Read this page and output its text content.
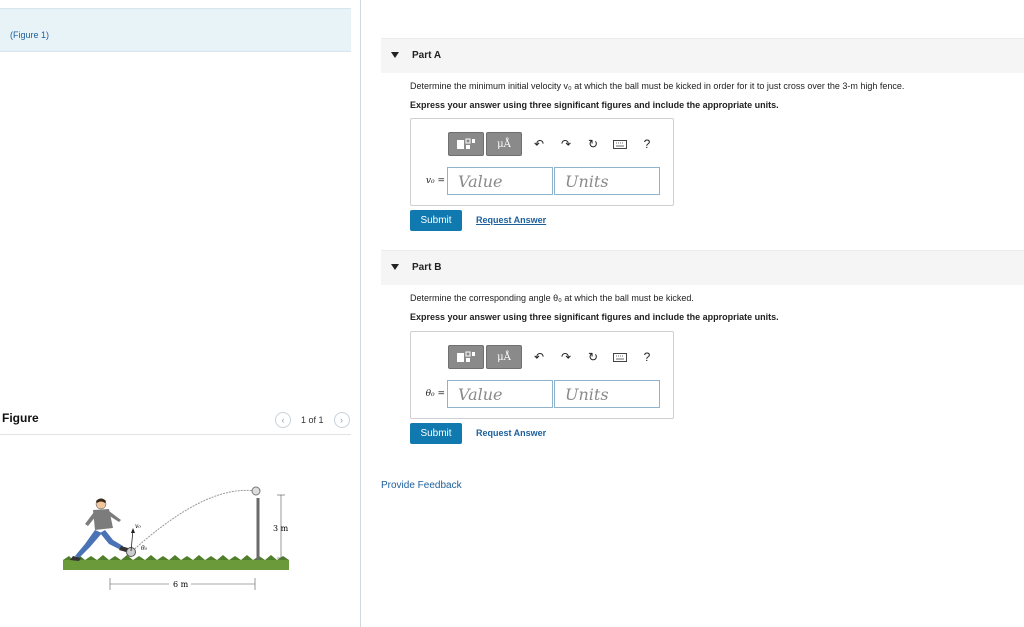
(Figure 1)
Figure	‹ 1 of 1 ›
3 m
v₀
θ₀
6 m
Part A
Determine the minimum initial velocity v₀ at which the ball must be kicked in order for it to just cross over the 3-m high fence.
Express your answer using three significant figures and include the appropriate units.
μÅ ↶ ↷ ↻	?
v₀ = Value	Units
Submit	Request Answer
Part B
Determine the corresponding angle θ₀ at which the ball must be kicked.
Express your answer using three significant figures and include the appropriate units.
μÅ ↶ ↷ ↻	?
θ₀ = Value	Units
Submit	Request Answer
Provide Feedback
